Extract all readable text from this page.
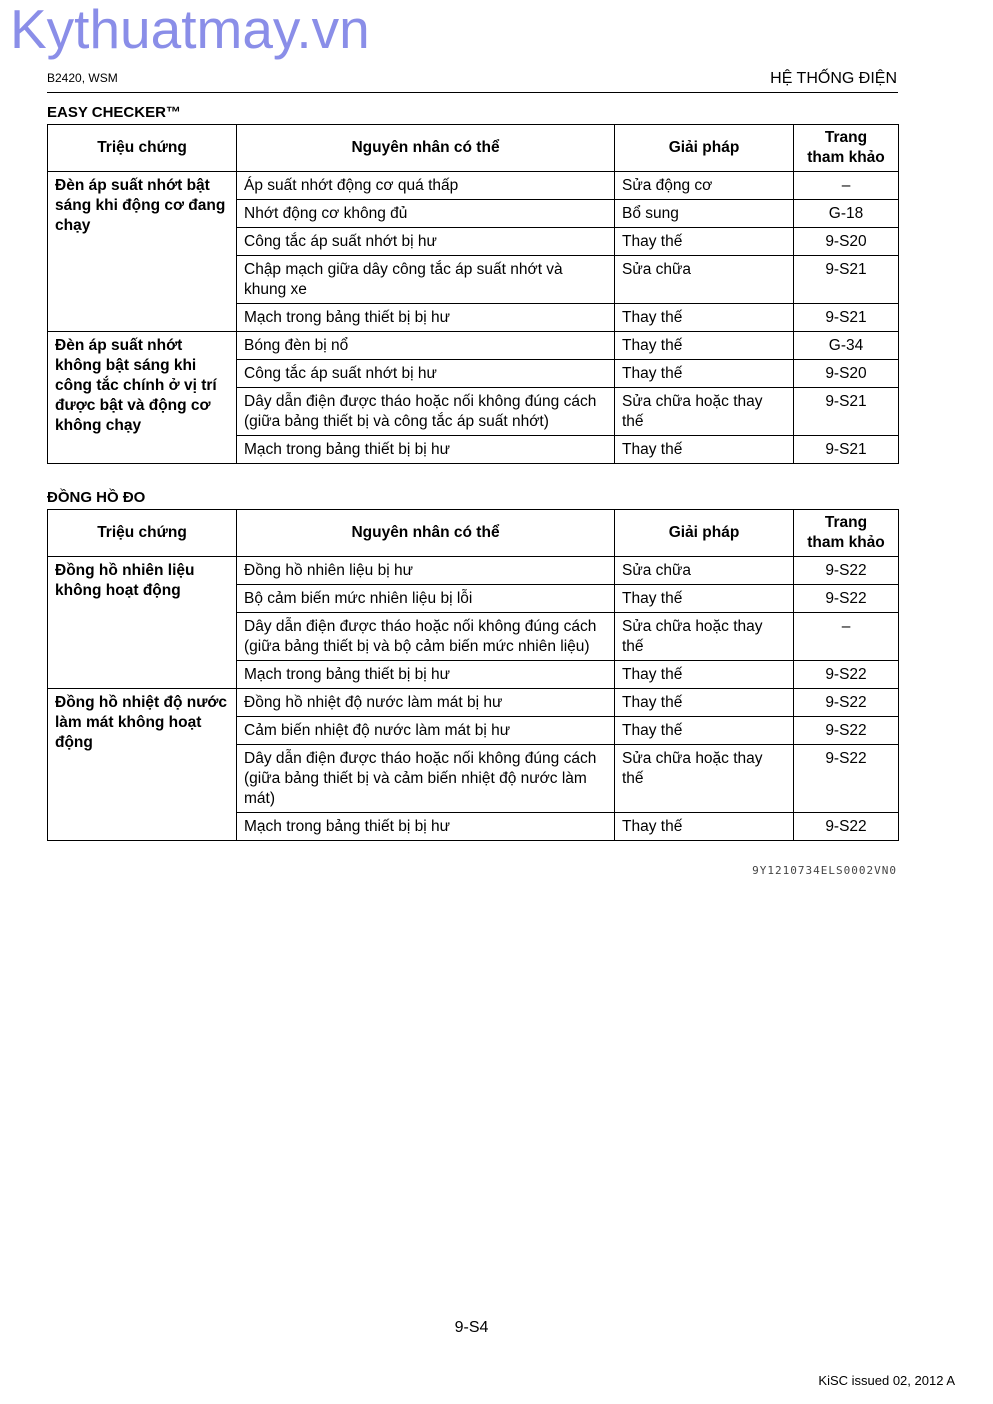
Kythuatmay.vn
B2420, WSM	HỆ THỐNG ĐIỆN
EASY CHECKER™
Triệu chứng	Nguyên nhân có thể	Giải pháp	Trang
tham khảo
Đèn áp suất nhớt bật sáng khi động cơ đang chạy	Áp suất nhớt động cơ quá thấp	Sửa động cơ	–
	Nhớt động cơ không đủ	Bổ sung	G-18
	Công tắc áp suất nhớt bị hư	Thay thế	9-S20
	Chập mạch giữa dây công tắc áp suất nhớt và khung xe	Sửa chữa	9-S21
	Mạch trong bảng thiết bị bị hư	Thay thế	9-S21
Đèn áp suất nhớt không bật sáng khi công tắc chính ở vị trí được bật và động cơ không chạy	Bóng đèn bị nổ	Thay thế	G-34
	Công tắc áp suất nhớt bị hư	Thay thế	9-S20
	Dây dẫn điện được tháo hoặc nối không đúng cách (giữa bảng thiết bị và công tắc áp suất nhớt)	Sửa chữa hoặc thay thế	9-S21
	Mạch trong bảng thiết bị bị hư	Thay thế	9-S21
ĐỒNG HỒ ĐO
Triệu chứng	Nguyên nhân có thể	Giải pháp	Trang
tham khảo
Đồng hồ nhiên liệu không hoạt động	Đồng hồ nhiên liệu bị hư	Sửa chữa	9-S22
	Bộ cảm biến mức nhiên liệu bị lỗi	Thay thế	9-S22
	Dây dẫn điện được tháo hoặc nối không đúng cách (giữa bảng thiết bị và bộ cảm biến mức nhiên liệu)	Sửa chữa hoặc thay thế	–
	Mạch trong bảng thiết bị bị hư	Thay thế	9-S22
Đồng hồ nhiệt độ nước làm mát không hoạt động	Đồng hồ nhiệt độ nước làm mát bị hư	Thay thế	9-S22
	Cảm biến nhiệt độ nước làm mát bị hư	Thay thế	9-S22
	Dây dẫn điện được tháo hoặc nối không đúng cách (giữa bảng thiết bị và cảm biến nhiệt độ nước làm mát)	Sửa chữa hoặc thay thế	9-S22
	Mạch trong bảng thiết bị bị hư	Thay thế	9-S22
9Y1210734ELS0002VN0
9-S4
KiSC issued 02, 2012 A
